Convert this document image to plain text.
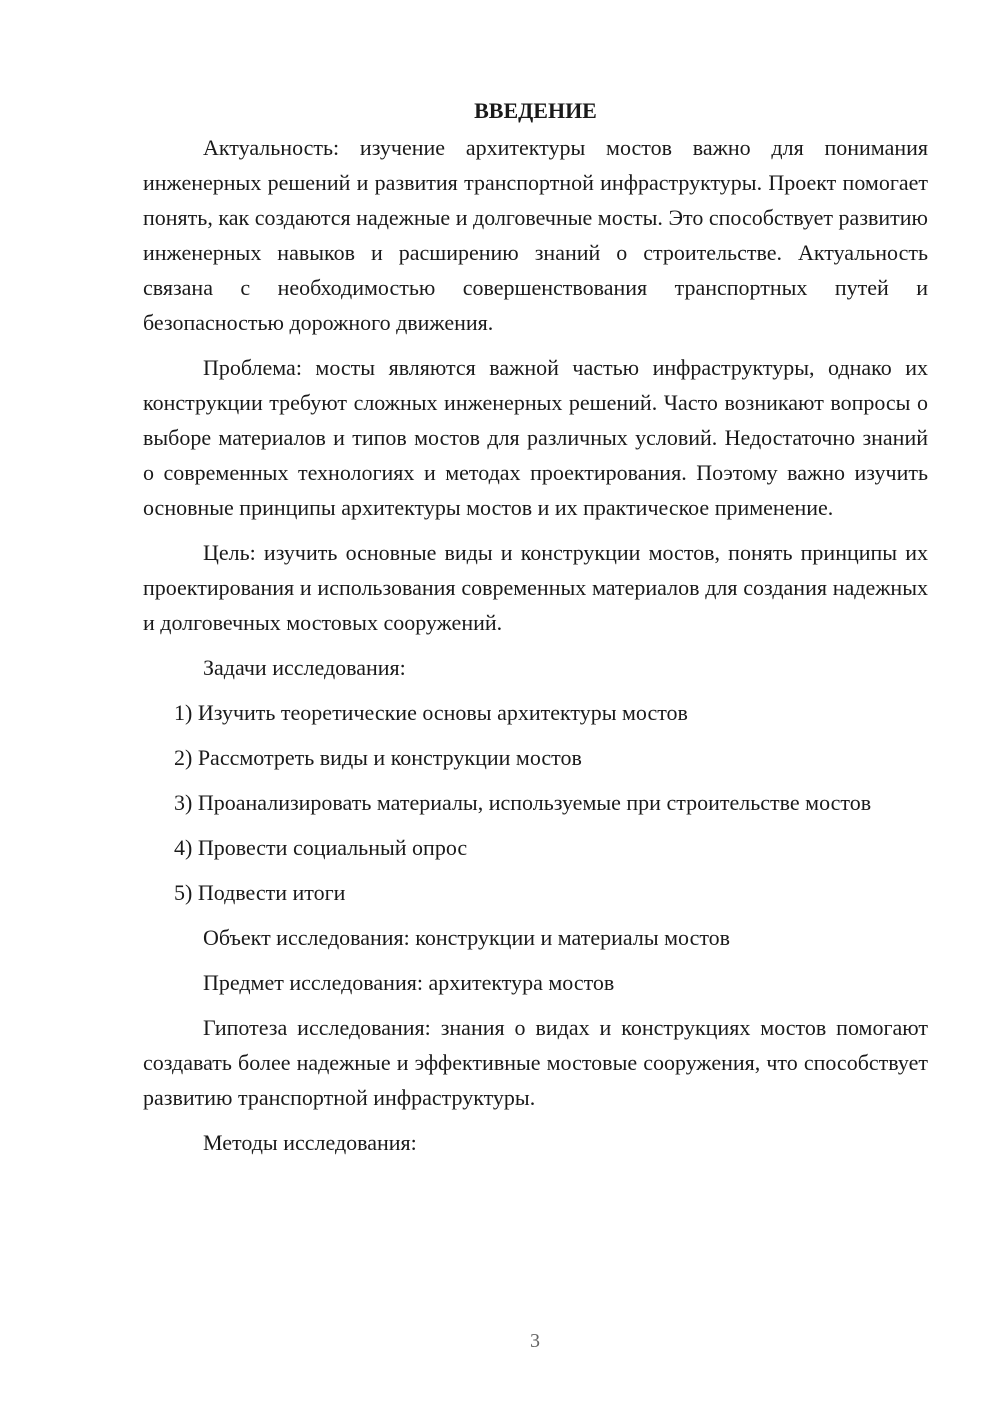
ВВЕДЕНИЕ

Актуальность: изучение архитектуры мостов важно для понимания инженерных решений и развития транспортной инфраструктуры. Проект помогает понять, как создаются надежные и долговечные мосты. Это способствует развитию инженерных навыков и расширению знаний о строительстве. Актуальность связана с необходимостью совершенствования транспортных путей и безопасностью дорожного движения.

Проблема: мосты являются важной частью инфраструктуры, однако их конструкции требуют сложных инженерных решений. Часто возникают вопросы о выборе материалов и типов мостов для различных условий. Недостаточно знаний о современных технологиях и методах проектирования. Поэтому важно изучить основные принципы архитектуры мостов и их практическое применение.

Цель: изучить основные виды и конструкции мостов, понять принципы их проектирования и использования современных материалов для создания надежных и долговечных мостовых сооружений.

Задачи исследования:

1) Изучить теоретические основы архитектуры мостов
2) Рассмотреть виды и конструкции мостов
3) Проанализировать материалы, используемые при строительстве мостов
4) Провести социальный опрос
5) Подвести итоги

Объект исследования: конструкции и материалы мостов

Предмет исследования: архитектура мостов

Гипотеза исследования: знания о видах и конструкциях мостов помогают создавать более надежные и эффективные мостовые сооружения, что способствует развитию транспортной инфраструктуры.

Методы исследования:

3
